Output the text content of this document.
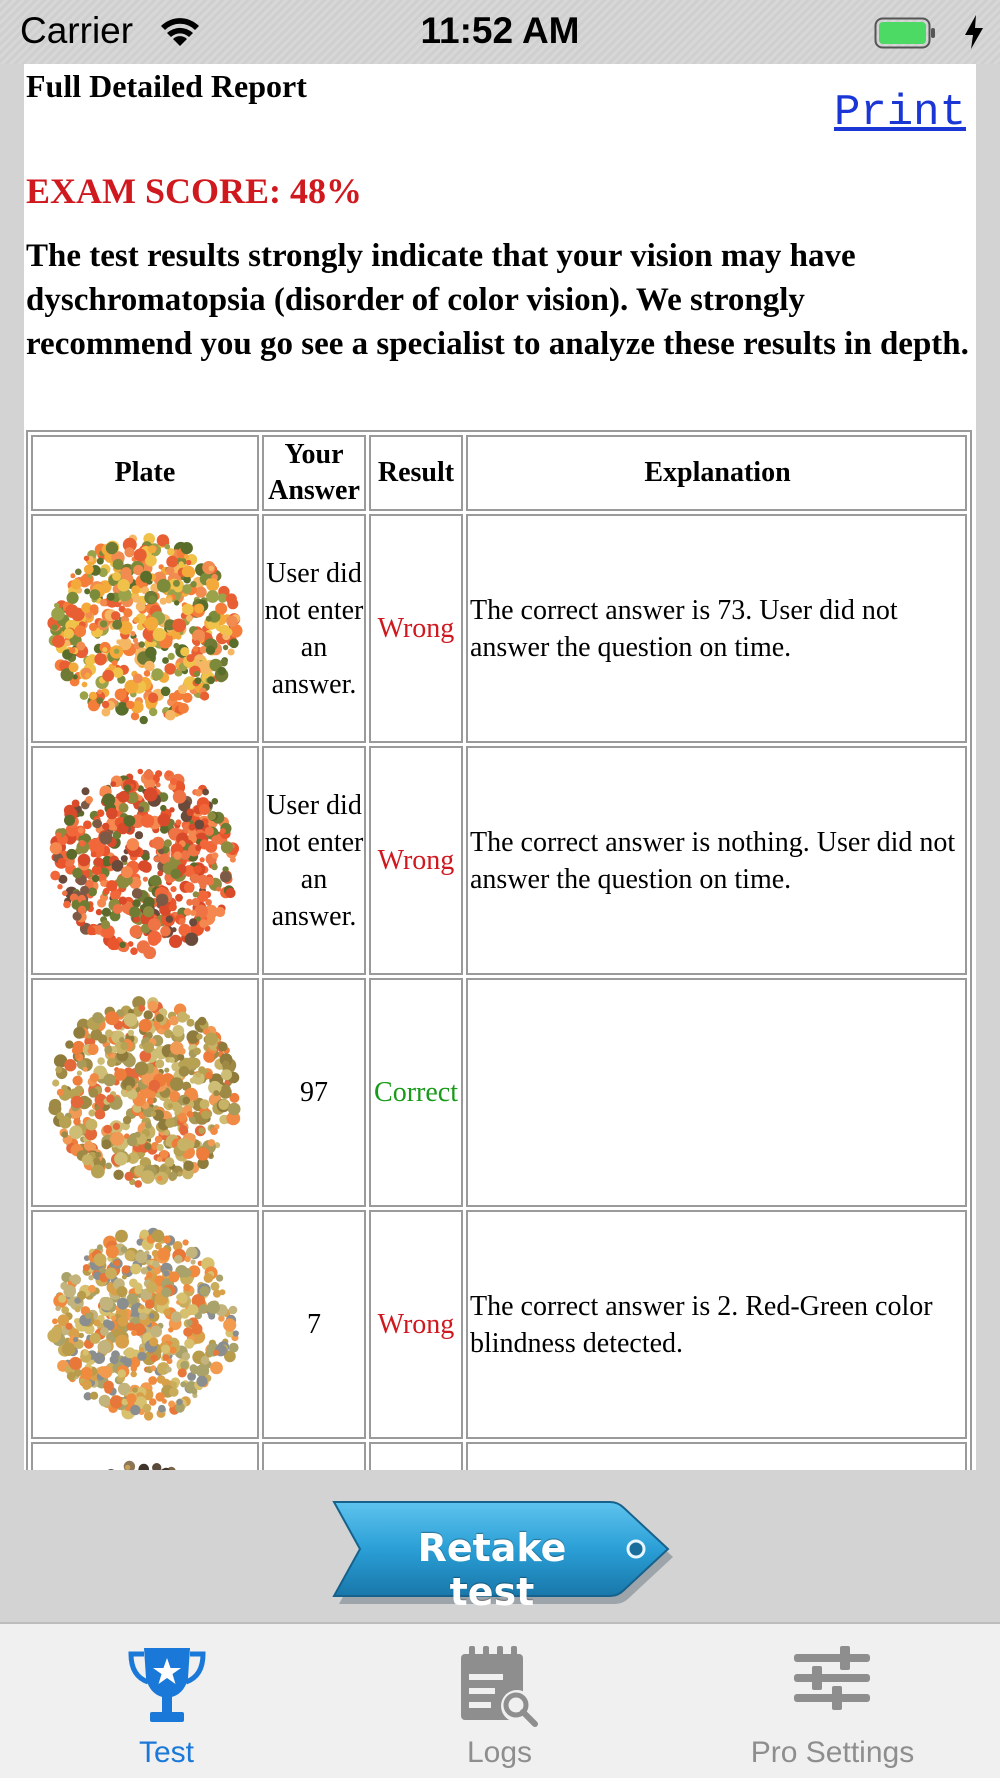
Carrier	11:52 AM
Full Detailed Report
Print
EXAM SCORE: 48%
The test results strongly indicate that your vision may have dyschromatopsia (disorder of color vision). We strongly recommend you go see a specialist to analyze these results in depth.
Plate	Your Answer	Result	Explanation

	User did not enter an answer.	Wrong	The correct answer is 73. User did not answer the question on time.

	User did not enter an answer.	Wrong	The correct answer is nothing. User did not answer the question on time.

	97	Correct	

	7	Wrong	The correct answer is 2. Red-Green color blindness detected.

Retake test
Test	Logs	Pro Settings
